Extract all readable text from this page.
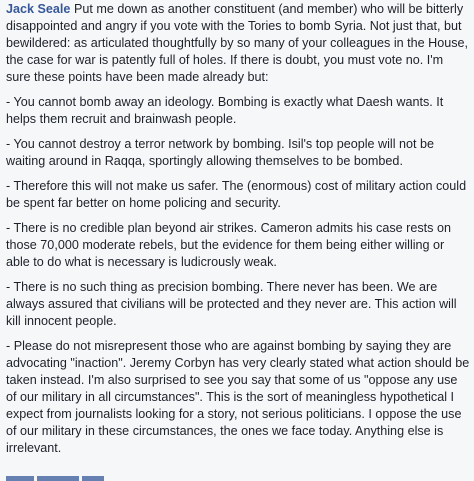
Jack Seale Put me down as another constituent (and member) who will be bitterly disappointed and angry if you vote with the Tories to bomb Syria. Not just that, but bewildered: as articulated thoughtfully by so many of your colleagues in the House, the case for war is patently full of holes. If there is doubt, you must vote no. I'm sure these points have been made already but:

- You cannot bomb away an ideology. Bombing is exactly what Daesh wants. It helps them recruit and brainwash people.

- You cannot destroy a terror network by bombing. Isil's top people will not be waiting around in Raqqa, sportingly allowing themselves to be bombed.

- Therefore this will not make us safer. The (enormous) cost of military action could be spent far better on home policing and security.

- There is no credible plan beyond air strikes. Cameron admits his case rests on those 70,000 moderate rebels, but the evidence for them being either willing or able to do what is necessary is ludicrously weak.

- There is no such thing as precision bombing. There never has been. We are always assured that civilians will be protected and they never are. This action will kill innocent people.

- Please do not misrepresent those who are against bombing by saying they are advocating "inaction". Jeremy Corbyn has very clearly stated what action should be taken instead. I'm also surprised to see you say that some of us "oppose any use of our military in all circumstances". This is the sort of meaningless hypothetical I expect from journalists looking for a story, not serious politicians. I oppose the use of our military in these circumstances, the ones we face today. Anything else is irrelevant.
